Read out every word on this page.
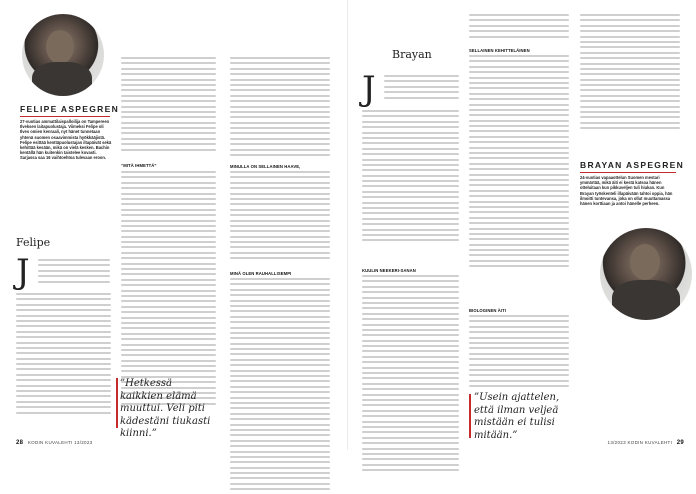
FELIPE ASPEGREN
27-vuotias ammattilaispalloilija on Tampereen Ilveksen laitapuolustaja. Viimeksi Felipe oli Ilves omien kenraali, nyt hänet tunnetaan yhtenä suomen osaavimmista hyökkääjistä. Felipe esittää kenttäpuolustajan iltapäivät sekä kehittää kesään, mikä on vielä kesken. Bachin kentällä hän kuitenkin taistelee kovasti. Sarjassa saa 16 vaihtoehtoa tulevaan eroon.
Felipe
J
“MITÄ IHMETTÄ”
”Hetkessä kaikkien elämä muuttui. Veli piti kädestäni tiukasti kiinni.”
MINULLA ON SELLAINEN HAAVE,
MINÄ OLEN RAUHALLISEMPI
28 KODIN KUVALEHTI 13/2023
Brayan
J
KUULIN NEEKERI-SANAN
SELLAINEN KEHITTELÄINEN
BIOLOGINEN ÄITI
”Usein ajattelen, että ilman veljeä mistään ei tulisi mitään.”
BRAYAN ASPEGREN
24-vuotias vapaaottelun Suomen mestari ymmärtää, mikä äiti ei kestä katsoa hänen otteluitaan kun pikkuveljen tuli hiukan. Kun Brayan työskenteli illapäivään tahtoi oppia, hän ilmoitti tuntevansa, joka on ollut muuttamassa hänen korttiaan ja antoi hänelle perheen.
13/2023 KODIN KUVALEHTI 29
